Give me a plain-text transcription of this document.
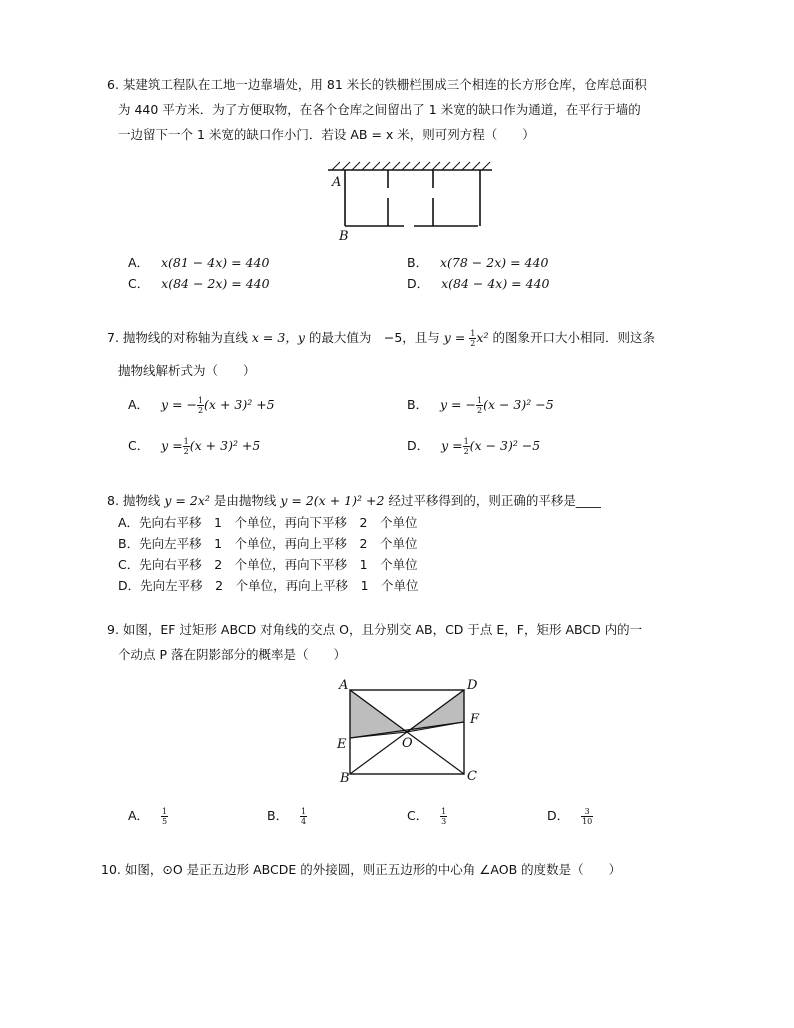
6. 某建筑工程队在工地一边靠墙处，用 81 米长的铁栅栏围成三个相连的长方形仓库，仓库总面积
为 440 平方米．为了方便取物，在各个仓库之间留出了 1 米宽的缺口作为通道，在平行于墙的
一边留下一个 1 米宽的缺口作小门．若设 AB = x 米，则可列方程（　　）
A
B
A． x(81 − 4x) = 440	B． x(78 − 2x) = 440
C． x(84 − 2x) = 440	D． x(84 − 4x) = 440
7. 抛物线的对称轴为直线 x = 3，y 的最大值为　−5，且与 $y = \frac{1}{2} x^2$ 的图象开口大小相同．则这条
抛物线解析式为（　　）
A． y = − $\frac{1}{2} (x + 3)^2 +5$	B． y = − $\frac{1}{2} (x - 3)^2 -5$
C． $y = \frac{1}{2} (x + 3)^2 +5$	D． $y = \frac{1}{2} (x - 3)^2 -5$
8. 抛物线 y = 2x² 是由抛物线 y = 2(x + 1)² +2 经过平移得到的，则正确的平移是____
A．先向右平移　1　个单位，再向下平移　2　个单位
B．先向左平移　1　个单位，再向上平移　2　个单位
C．先向右平移　2　个单位，再向下平移　1　个单位
D．先向左平移　2　个单位，再向上平移　1　个单位
9. 如图，EF 过矩形 ABCD 对角线的交点 O，且分别交 AB，CD 于点 E，F，矩形 ABCD 内的一
个动点 P 落在阴影部分的概率是（　　）
A	D
F
E	O
B	C
A． $\frac{1}{5}$	B． $\frac{1}{4}$	C． $\frac{1}{3}$	D． $\frac{3}{10}$
10. 如图，⊙O 是正五边形 ABCDE 的外接圆，则正五边形的中心角 ∠AOB 的度数是（　　）
